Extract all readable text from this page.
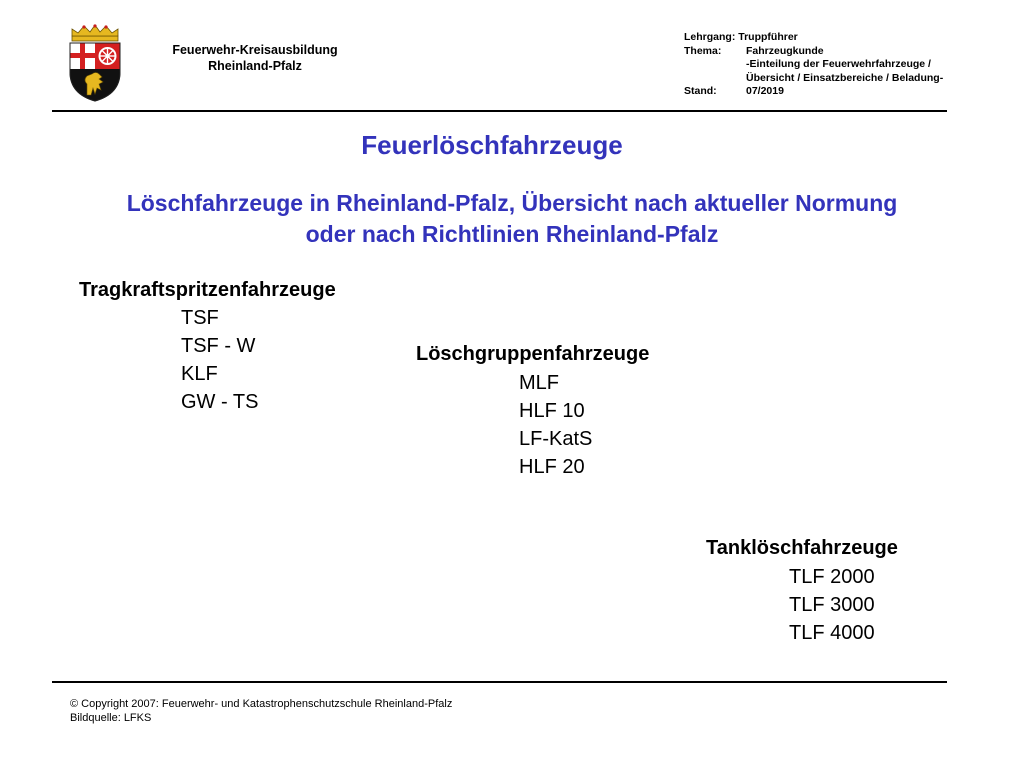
Feuerwehr-Kreisausbildung
Rheinland-Pfalz
Lehrgang:
Truppführer
Thema:	Fahrzeugkunde
-Einteilung der Feuerwehrfahrzeuge /
Übersicht / Einsatzbereiche / Beladung-
Stand:	07/2019
Feuerlöschfahrzeuge
Löschfahrzeuge in Rheinland-Pfalz, Übersicht nach aktueller Normung
oder nach Richtlinien Rheinland-Pfalz
Tragkraftspritzenfahrzeuge
TSF
TSF - W
KLF
GW - TS
Löschgruppenfahrzeuge
MLF
HLF 10
LF-KatS
HLF 20
Tanklöschfahrzeuge
TLF 2000
TLF 3000
TLF 4000
© Copyright 2007: Feuerwehr- und Katastrophenschutzschule Rheinland-Pfalz
Bildquelle: LFKS
